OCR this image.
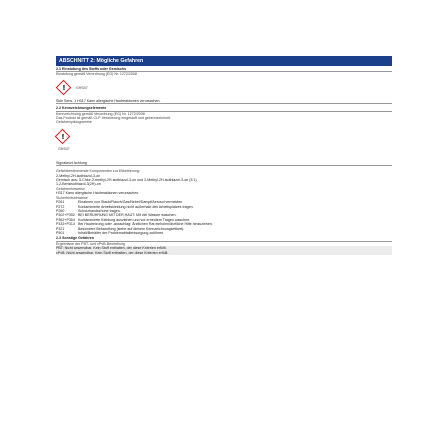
ABSCHNITT 2: Mögliche Gefahren
2.1 Einstufung des Stoffs oder Gemischs
Einstufung gemäß Verordnung (EG) Nr. 1272/2008
!	GHS07
Skin Sens. 1 H317 Kann allergische Hautreaktionen verursachen.
2.2 Kennzeichnungselemente
Kennzeichnung gemäß Verordnung (EG) Nr. 1272/2008
Das Produkt ist gemäß CLP-Verordnung eingestuft und gekennzeichnet.
Gefahrenpiktogramme
!
GHS07
Signalwort Achtung
Gefahrbestimmende Komponenten zur Etikettierung:
2-Methyl-2H-isothiazol-3-on
Gemisch aus: 5-Chlor-2-methyl-2H-isothiazol-3-on und 2-Methyl-2H-isothiazol-3-on (3:1)
1,2-Benzisothiazol-3(2H)-on
Gefahrenhinweise
H317 Kann allergische Hautreaktionen verursachen.
Sicherheitshinweise
P261	Einatmen von Staub/Rauch/Gas/Nebel/Dampf/Aerosol vermeiden.
P272	Kontaminierte Arbeitskleidung nicht außerhalb des Arbeitsplatzes tragen.
P280	Schutzhandschuhe tragen.
P302+P352 BEI BERÜHRUNG MIT DER HAUT: Mit viel Wasser waschen.
P362+P364 Kontaminierte Kleidung ausziehen und vor erneutem Tragen waschen.
P333+P313 Bei Hautreizung oder -ausschlag: Ärztlichen Rat einholen/ärztliche Hilfe hinzuziehen.
P321	Besondere Behandlung (siehe auf diesem Kennzeichnungsetikett).
P501	Inhalt/Behälter der Problemabfallentsorgung zuführen.
2.3 Sonstige Gefahren
Ergebnisse der PBT- und vPvB-Beurteilung
PBT: Nicht anwendbar. Kein Stoff enthalten, der diese Kriterien erfüllt.
vPvB: Nicht anwendbar. Kein Stoff enthalten, der diese Kriterien erfüllt.
